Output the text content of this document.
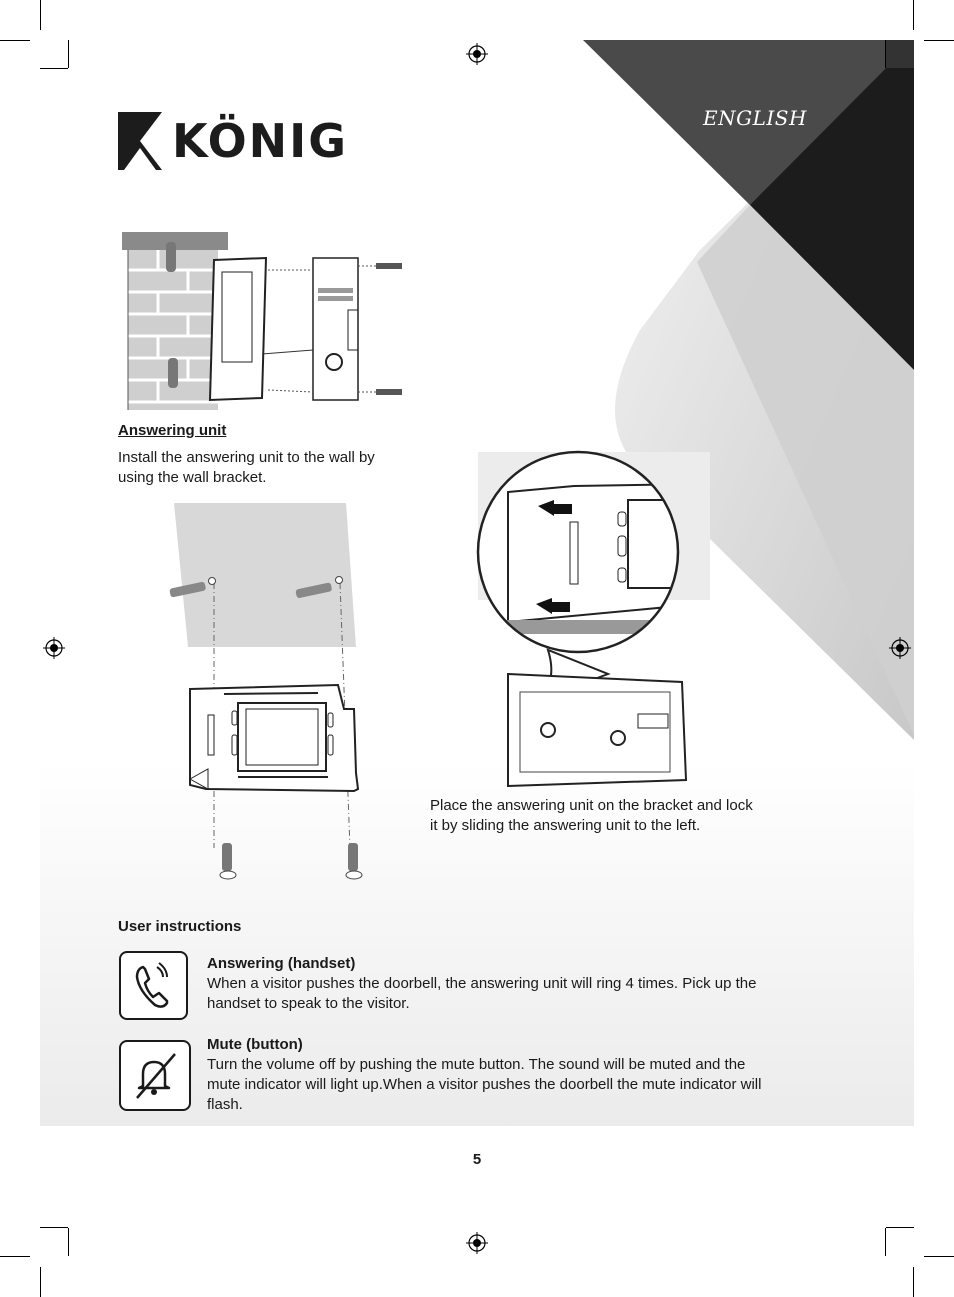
KÖNIG	ENGLISH
Answering unit
Install the answering unit to the wall by using the wall bracket.
Place the answering unit on the bracket and lock it by sliding the answering unit to the left.
User instructions
Answering (handset)
When a visitor pushes the doorbell, the answering unit will ring 4 times. Pick up the handset to speak to the visitor.
Mute (button)
Turn the volume off by pushing the mute button. The sound will be muted and the mute indicator will light up.When a visitor pushes the doorbell the mute indicator will flash.
5
